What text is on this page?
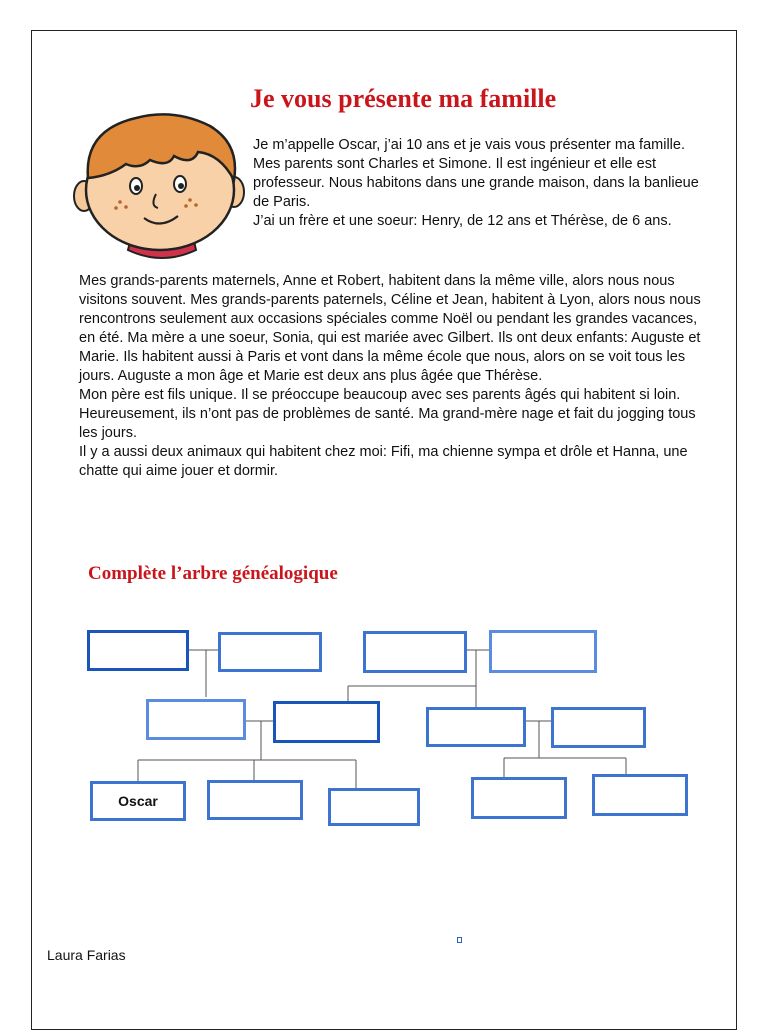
Je vous présente ma famille

Je m’appelle Oscar, j’ai 10 ans et je vais vous présenter ma famille.

Mes parents sont Charles et Simone. Il est ingénieur et elle est professeur. Nous habitons dans une grande maison, dans la banlieue de Paris.

J’ai un frère et une soeur: Henry, de 12 ans et Thérèse, de 6 ans.

Mes grands-parents maternels, Anne et Robert, habitent dans la même ville, alors nous nous visitons souvent. Mes grands-parents paternels, Céline et Jean, habitent à Lyon, alors nous nous rencontrons seulement aux occasions spéciales comme Noël ou pendant les grandes vacances, en été. Ma mère a une soeur, Sonia, qui est mariée avec Gilbert. Ils ont deux enfants: Auguste et Marie. Ils habitent aussi à Paris et vont dans la même école que nous, alors on se voit tous les jours. Auguste a mon âge et Marie est deux ans plus âgée que Thérèse.

Mon père est fils unique. Il se préoccupe beaucoup avec ses parents âgés qui habitent si loin. Heureusement, ils n’ont pas de problèmes de santé. Ma grand-mère nage et fait du jogging tous les jours.

Il y a aussi deux animaux qui habitent chez moi: Fifi, ma chienne sympa et drôle et Hanna, une chatte qui aime jouer et dormir.

Complète l’arbre généalogique
Oscar
Laura Farias
